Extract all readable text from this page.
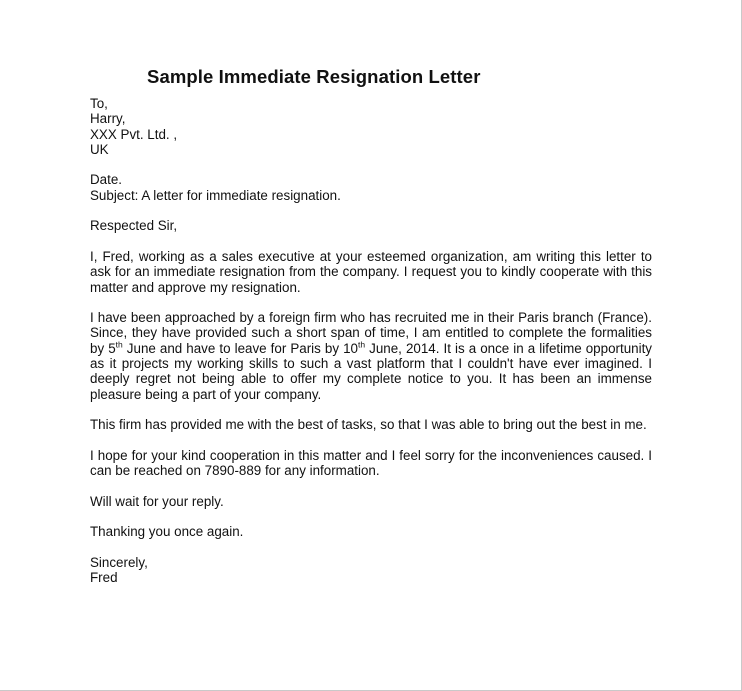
Sample Immediate Resignation Letter

To,

Harry,

XXX Pvt. Ltd. ,

UK

Date.

Subject: A letter for immediate resignation.

Respected Sir,

I, Fred, working as a sales executive at your esteemed organization, am writing this letter to ask for an immediate resignation from the company. I request you to kindly cooperate with this matter and approve my resignation.

I have been approached by a foreign firm who has recruited me in their Paris branch (France). Since, they have provided such a short span of time, I am entitled to complete the formalities by 5th June and have to leave for Paris by 10th June, 2014. It is a once in a lifetime opportunity as it projects my working skills to such a vast platform that I couldn't have ever imagined. I deeply regret not being able to offer my complete notice to you. It has been an immense pleasure being a part of your company.

This firm has provided me with the best of tasks, so that I was able to bring out the best in me.

I hope for your kind cooperation in this matter and I feel sorry for the inconveniences caused. I can be reached on 7890-889 for any information.

Will wait for your reply.

Thanking you once again.

Sincerely,

Fred
